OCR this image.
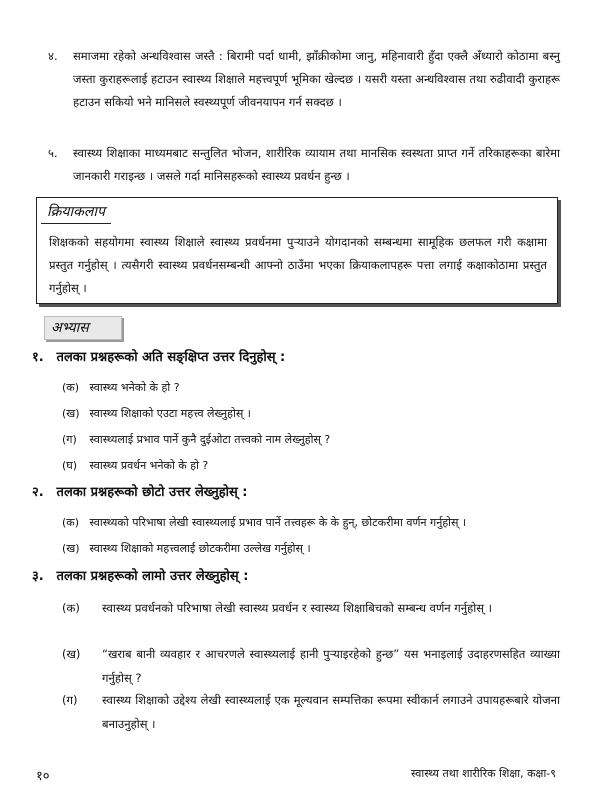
४.	समाजमा रहेको अन्धविश्वास जस्तै : बिरामी पर्दा धामी, झाँक्रीकोमा जानु, महिनावारी हुँदा एक्लै अँध्यारो कोठामा बस्नु जस्ता कुराहरूलाई हटाउन स्वास्थ्य शिक्षाले महत्त्वपूर्ण भूमिका खेल्दछ । यसरी यस्ता अन्धविश्वास तथा रुढीवादी कुराहरू हटाउन सकियो भने मानिसले स्वस्थ्यपूर्ण जीवनयापन गर्न सक्दछ ।
५.	स्वास्थ्य शिक्षाका माध्यमबाट सन्तुलित भोजन, शारीरिक व्यायाम तथा मानसिक स्वस्थता प्राप्त गर्ने तरिकाहरूका बारेमा जानकारी गराइन्छ । जसले गर्दा मानिसहरूको स्वास्थ्य प्रवर्धन हुन्छ ।
क्रियाकलाप
शिक्षकको सहयोगमा स्वास्थ्य शिक्षाले स्वास्थ्य प्रवर्धनमा पुऱ्याउने योगदानको सम्बन्धमा सामूहिक छलफल गरी कक्षामा प्रस्तुत गर्नुहोस् । त्यसैगरी स्वास्थ्य प्रवर्धनसम्बन्धी आफ्नो ठाउँमा भएका क्रियाकलापहरू पत्ता लगाई कक्षाकोठामा प्रस्तुत गर्नुहोस् ।
अभ्यास
१. तलका प्रश्नहरूको अति सङ्क्षिप्त उत्तर दिनुहोस् :
(क) स्वास्थ्य भनेको के हो ?
(ख) स्वास्थ्य शिक्षाको एउटा महत्त्व लेख्नुहोस् ।
(ग) स्वास्थ्यलाई प्रभाव पार्ने कुनै दुईओटा तत्त्वको नाम लेख्नुहोस् ?
(घ) स्वास्थ्य प्रवर्धन भनेको के हो ?
२. तलका प्रश्नहरूको छोटो उत्तर लेख्नुहोस् :
(क) स्वास्थ्यको परिभाषा लेखी स्वास्थ्यलाई प्रभाव पार्ने तत्त्वहरू के के हुन्, छोटकरीमा वर्णन गर्नुहोस् ।
(ख) स्वास्थ्य शिक्षाको महत्त्वलाई छोटकरीमा उल्लेख गर्नुहोस् ।
३. तलका प्रश्नहरूको लामो उत्तर लेख्नुहोस् :
(क) स्वास्थ्य प्रवर्धनको परिभाषा लेखी स्वास्थ्य प्रवर्धन र स्वास्थ्य शिक्षाबिचको सम्बन्ध वर्णन गर्नुहोस् ।
(ख) “खराब बानी व्यवहार र आचरणले स्वास्थ्यलाई हानी पुऱ्याइरहेको हुन्छ” यस भनाइलाई उदाहरणसहित व्याख्या गर्नुहोस् ?
(ग) स्वास्थ्य शिक्षाको उद्देश्य लेखी स्वास्थ्यलाई एक मूल्यवान सम्पत्तिका रूपमा स्वीकार्न लगाउने उपायहरूबारे योजना बनाउनुहोस् ।
१०	स्वास्थ्य तथा शारीरिक शिक्षा, कक्षा-९
